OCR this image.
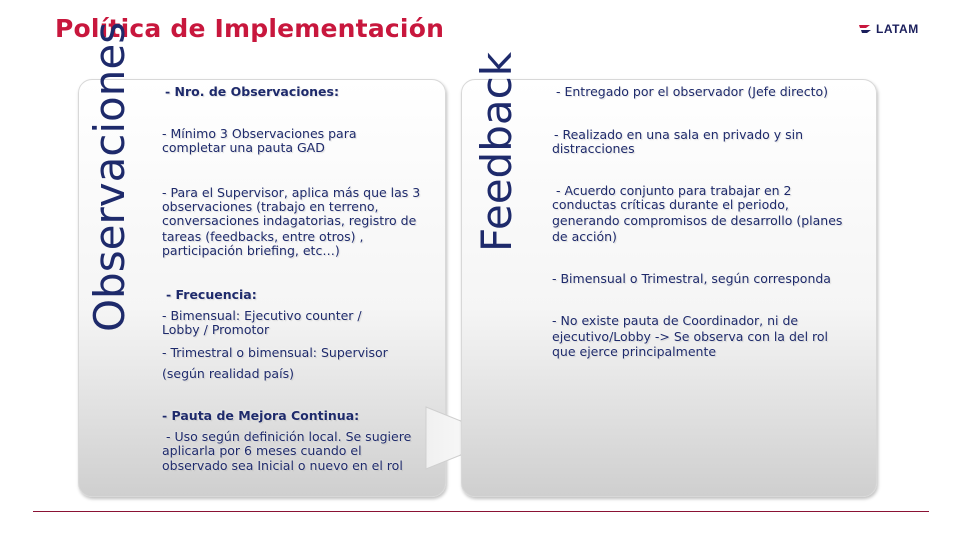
Política de Implementación	LATAM
Observaciones - Nro. de Observaciones:
- Mínimo 3 Observaciones para
completar una pauta GAD
- Para el Supervisor, aplica más que las 3
observaciones (trabajo en terreno,
conversaciones indagatorias, registro de
tareas (feedbacks, entre otros) ,
participación briefing, etc…)
- Frecuencia:
- Bimensual: Ejecutivo counter /
Lobby / Promotor
- Trimestral o bimensual: Supervisor
(según realidad país)
- Pauta de Mejora Continua:
- Uso según definición local. Se sugiere
aplicarla por 6 meses cuando el
observado sea Inicial o nuevo en el rol
Feedback	- Entregado por el observador (Jefe directo)
- Realizado en una sala en privado y sin
distracciones
- Acuerdo conjunto para trabajar en 2
conductas críticas durante el periodo,
generando compromisos de desarrollo (planes
de acción)
- Bimensual o Trimestral, según corresponda
- No existe pauta de Coordinador, ni de
ejecutivo/Lobby -> Se observa con la del rol
que ejerce principalmente
